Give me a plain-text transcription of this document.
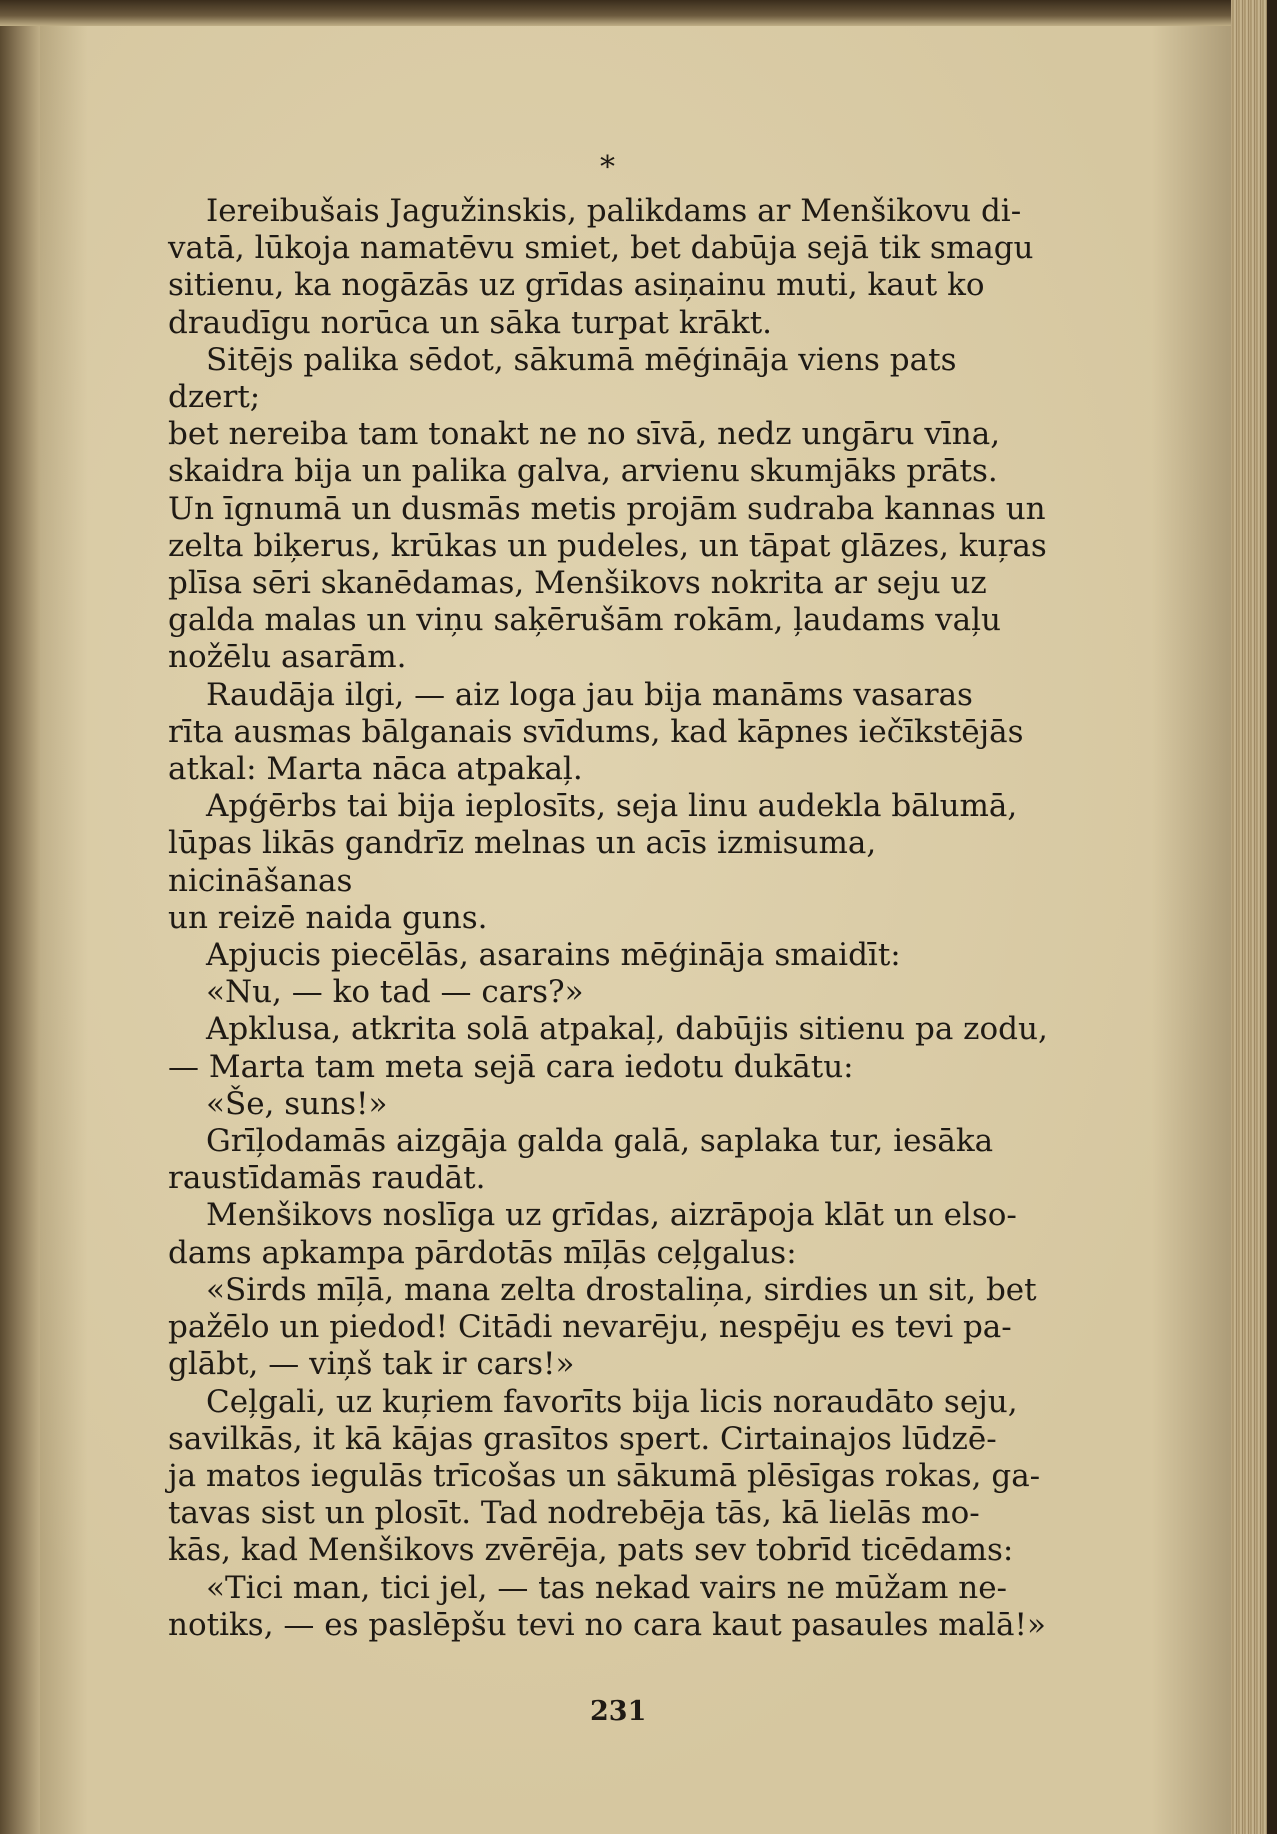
*

Iereibušais Jagužinskis, palikdams ar Menšikovu di-
vatā, lūkoja namatēvu smiet, bet dabūja sejā tik smagu
sitienu, ka nogāzās uz grīdas asiņainu muti, kaut ko
draudīgu norūca un sāka turpat krākt.

Sitējs palika sēdot, sākumā mēģināja viens pats dzert;
bet nereiba tam tonakt ne no sīvā, nedz ungāru vīna,
skaidra bija un palika galva, arvienu skumjāks prāts.
Un īgnumā un dusmās metis projām sudraba kannas un
zelta biķerus, krūkas un pudeles, un tāpat glāzes, kuŗas
plīsa sēri skanēdamas, Menšikovs nokrita ar seju uz
galda malas un viņu saķērušām rokām, ļaudams vaļu
nožēlu asarām.

Raudāja ilgi, — aiz loga jau bija manāms vasaras
rīta ausmas bālganais svīdums, kad kāpnes iečīkstējās
atkal: Marta nāca atpakaļ.

Apģērbs tai bija ieplosīts, seja linu audekla bālumā,
lūpas likās gandrīz melnas un acīs izmisuma, nicināšanas
un reizē naida guns.

Apjucis piecēlās, asarains mēģināja smaidīt:

«Nu, — ko tad — cars?»

Apklusa, atkrita solā atpakaļ, dabūjis sitienu pa zodu,
— Marta tam meta sejā cara iedotu dukātu:

«Še, suns!»

Grīļodamās aizgāja galda galā, saplaka tur, iesāka
raustīdamās raudāt.

Menšikovs noslīga uz grīdas, aizrāpoja klāt un elso-
dams apkampa pārdotās mīļās ceļgalus:

«Sirds mīļā, mana zelta drostaliņa, sirdies un sit, bet
pažēlo un piedod! Citādi nevarēju, nespēju es tevi pa-
glābt, — viņš tak ir cars!»

Ceļgali, uz kuŗiem favorīts bija licis noraudāto seju,
savilkās, it kā kājas grasītos spert. Cirtainajos lūdzē-
ja matos iegulās trīcošas un sākumā plēsīgas rokas, ga-
tavas sist un plosīt. Tad nodrebēja tās, kā lielās mo-
kās, kad Menšikovs zvērēja, pats sev tobrīd ticēdams:

«Tici man, tici jel, — tas nekad vairs ne mūžam ne-
notiks, — es paslēpšu tevi no cara kaut pasaules malā!»

231
